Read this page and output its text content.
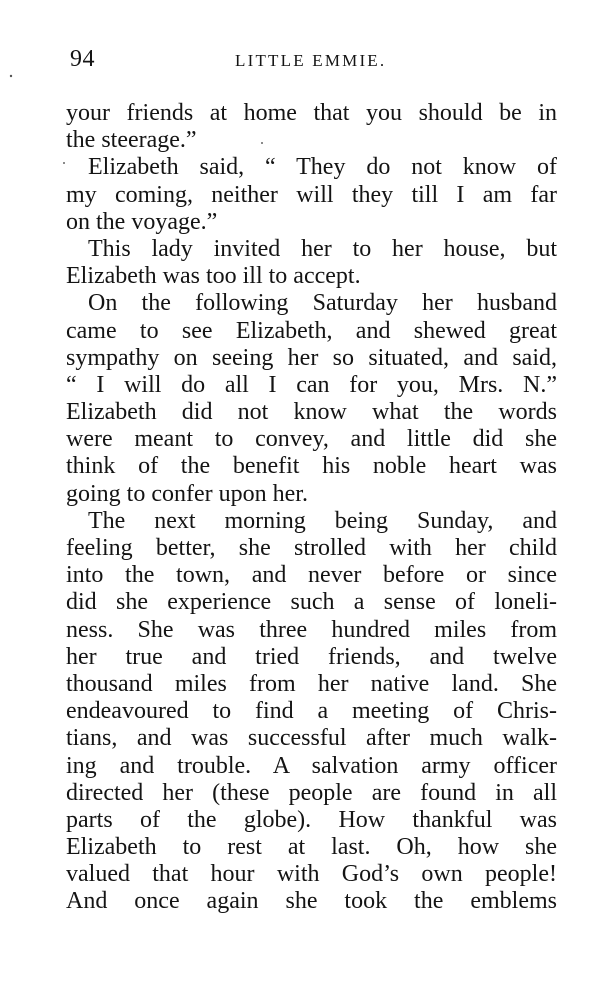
94	LITTLE EMMIE.
your friends at home that you should be in
the steerage.”
Elizabeth said, “ They do not know of
my coming, neither will they till I am far
on the voyage.”
This lady invited her to her house, but
Elizabeth was too ill to accept.
On the following Saturday her husband
came to see Elizabeth, and shewed great
sympathy on seeing her so situated, and said,
“ I will do all I can for you, Mrs. N.”
Elizabeth did not know what the words
were meant to convey, and little did she
think of the benefit his noble heart was
going to confer upon her.
The next morning being Sunday, and
feeling better, she strolled with her child
into the town, and never before or since
did she experience such a sense of loneli-
ness. She was three hundred miles from
her true and tried friends, and twelve
thousand miles from her native land. She
endeavoured to find a meeting of Chris-
tians, and was successful after much walk-
ing and trouble. A salvation army officer
directed her (these people are found in all
parts of the globe). How thankful was
Elizabeth to rest at last. Oh, how she
valued that hour with God’s own people!
And once again she took the emblems
